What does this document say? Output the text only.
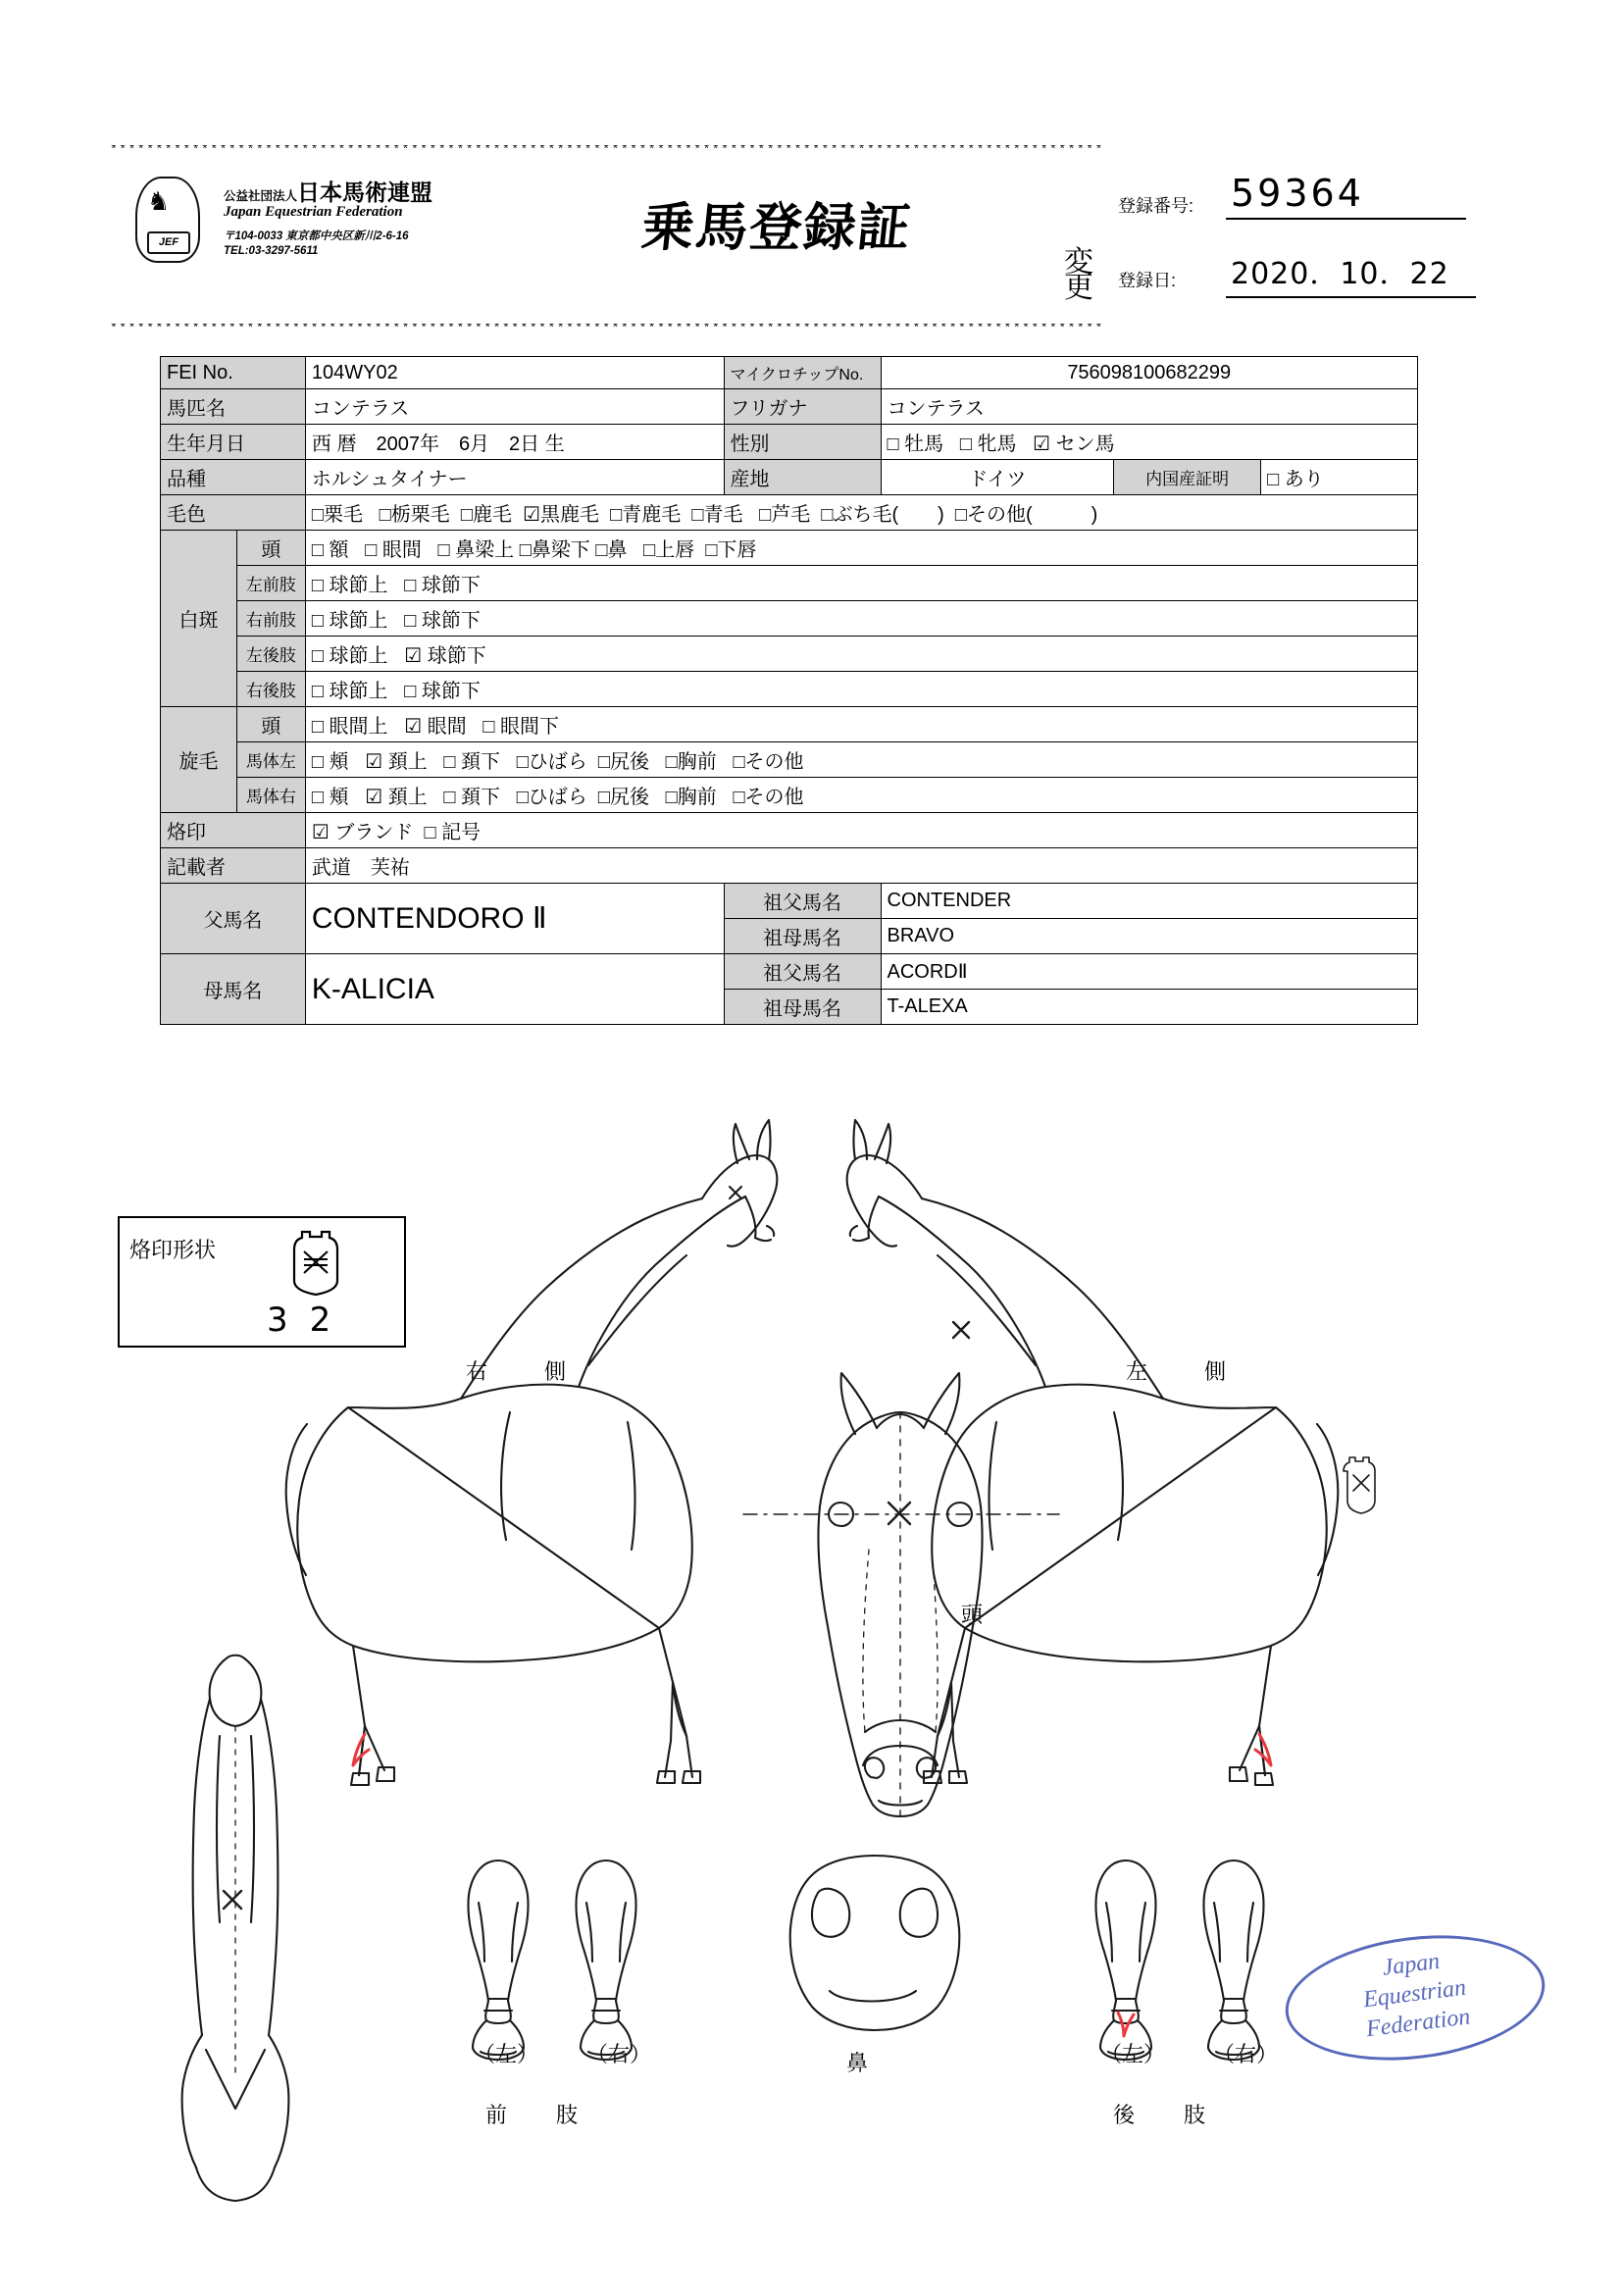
*************************************************************************************************************
♞
JEF
公益社団法人日本馬術連盟
Japan Equestrian Federation
〒104-0033 東京都中央区新川2-6-16
TEL:03-3297-5611	乗馬登録証	登録番号: 59364
変更	登録日: 2020．10．22
*************************************************************************************************************
FEI No.		104WY02	マイクロチップNo.	756098100682299		
馬匹名		コンテラス	フリガナ	コンテラス		
生年月日		西 暦　2007年　6月　2日 生	性別	□ 牡馬 □ 牝馬 ☑ セン馬		
品種		ホルシュタイナー	産地	ドイツ	内国産証明	□ あり
毛色		□栗毛 □栃栗毛 □鹿毛 ☑黒鹿毛 □青鹿毛 □青毛 □芦毛 □ぶち毛(　　) □その他(　　　)				
白斑	頭	□ 額 □ 眼間 □ 鼻梁上 □鼻梁下 □鼻 □上唇 □下唇				
	左前肢	□ 球節上 □ 球節下				
	右前肢	□ 球節上 □ 球節下				
	左後肢	□ 球節上 ☑ 球節下				
	右後肢	□ 球節上 □ 球節下				
旋毛	頭	□ 眼間上 ☑ 眼間 □ 眼間下				
	馬体左	□ 頬 ☑ 頚上 □ 頚下 □ひばら □尻後 □胸前 □その他				
	馬体右	□ 頬 ☑ 頚上 □ 頚下 □ひばら □尻後 □胸前 □その他				
烙印		☑ ブランド □ 記号				
記載者		武道　芙祐				
父馬名		CONTENDORO Ⅱ	祖父馬名	CONTENDER		
			祖母馬名	BRAVO		
母馬名		K-ALICIA	祖父馬名	ACORDⅡ		
			祖母馬名	T-ALEXA		
烙印形状
32
右　側	左　側
頭
鼻
（左） （右）
前　肢
（左） （右）
後　肢
Japan
Equestrian
Federation
